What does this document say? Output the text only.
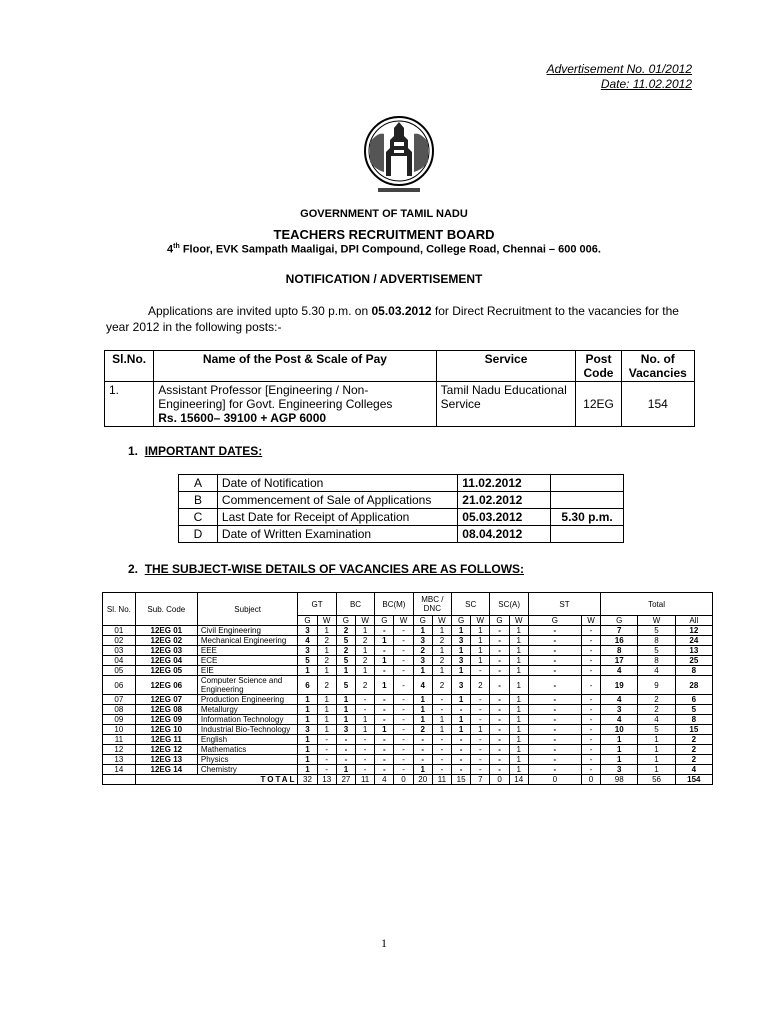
Advertisement No. 01/2012
Date: 11.02.2012
GOVERNMENT OF TAMIL NADU
TEACHERS RECRUITMENT BOARD
4th Floor, EVK Sampath Maaligai, DPI Compound, College Road, Chennai – 600 006.
NOTIFICATION / ADVERTISEMENT
Applications are invited upto 5.30 p.m. on 05.03.2012 for Direct Recruitment to the vacancies for the year 2012 in the following posts:-
Sl.No.	Name of the Post & Scale of Pay	Service	Post Code	No. of Vacancies
1.	Assistant Professor [Engineering / Non-Engineering] for Govt. Engineering Colleges
Rs. 15600– 39100 + AGP 6000	Tamil Nadu Educational Service	12EG	154
1. IMPORTANT DATES:
A	Date of Notification	11.02.2012	
B	Commencement of Sale of Applications	21.02.2012	
C	Last Date for Receipt of Application	05.03.2012	5.30 p.m.
D	Date of Written Examination	08.04.2012	
2. THE SUBJECT-WISE DETAILS OF VACANCIES ARE AS FOLLOWS:
Sl. No.	Sub. Code	Subject	GT		BC		BC(M)		MBC / DNC		SC		SC(A)		ST		Total		
			G	W	G	W	G	W	G	W	G	W	G	W	G	W	G	W	All
01	12EG 01	Civil Engineering	3	1	2	1	-	-	1	1	1	1	-	1	-	-	7	5	12
02	12EG 02	Mechanical Engineering	4	2	5	2	1	-	3	2	3	1	-	1	-	-	16	8	24
03	12EG 03	EEE	3	1	2	1	-	-	2	1	1	1	-	1	-	-	8	5	13
04	12EG 04	ECE	5	2	5	2	1	-	3	2	3	1	-	1	-	-	17	8	25
05	12EG 05	EIE	1	1	1	1	-	-	1	1	1	-	-	1	-	-	4	4	8
06	12EG 06	Computer Science and Engineering	6	2	5	2	1	-	4	2	3	2	-	1	-	-	19	9	28
07	12EG 07	Production Engineering	1	1	1	-	-	-	1	-	1	-	-	1	-	-	4	2	6
08	12EG 08	Metallurgy	1	1	1	-	-	-	1	-	-	-	-	1	-	-	3	2	5
09	12EG 09	Information Technology	1	1	1	1	-	-	1	1	1	-	-	1	-	-	4	4	8
10	12EG 10	Industrial Bio-Technology	3	1	3	1	1	-	2	1	1	1	-	1	-	-	10	5	15
11	12EG 11	English	1	-	-	-	-	-	-	-	-	-	-	1	-	-	1	1	2
12	12EG 12	Mathematics	1	-	-	-	-	-	-	-	-	-	-	1	-	-	1	1	2
13	12EG 13	Physics	1	-	-	-	-	-	-	-	-	-	-	1	-	-	1	1	2
14	12EG 14	Chemistry	1	-	1	-	-	-	1	-	-	-	-	1	-	-	3	1	4
	TOTAL		32	13	27	11	4	0	20	11	15	7	0	14	0	0	98	56	154
1
